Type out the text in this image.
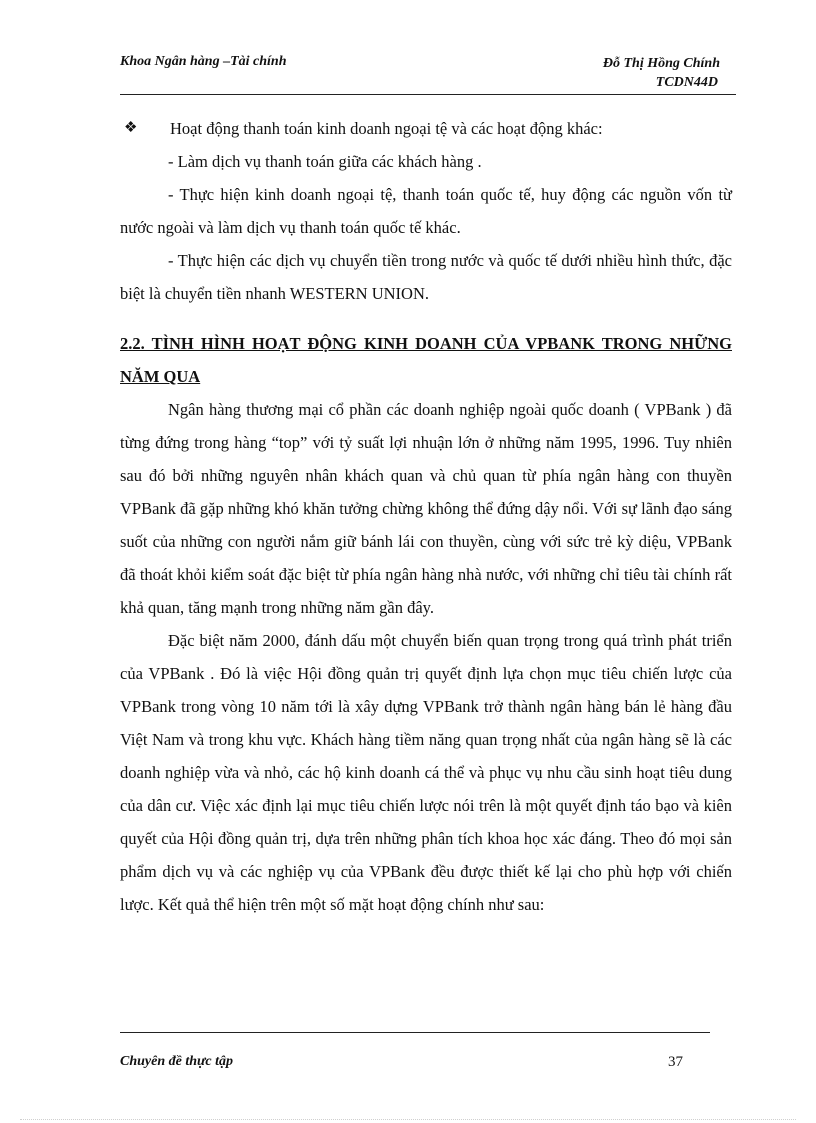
Khoa Ngân hàng –Tài chính	Đỗ Thị Hồng Chính
TCDN44D

❖ Hoạt động thanh toán kinh doanh ngoại tệ và các hoạt động khác:

- Làm dịch vụ thanh toán giữa các khách hàng .

- Thực hiện kinh doanh ngoại tệ, thanh toán quốc tế, huy động các nguồn vốn từ nước ngoài và làm dịch vụ thanh toán quốc tế khác.

- Thực hiện các dịch vụ chuyển tiền trong nước và quốc tế dưới nhiều hình thức, đặc biệt là chuyển tiền nhanh WESTERN UNION.

2.2. TÌNH HÌNH HOẠT ĐỘNG KINH DOANH CỦA VPBANK TRONG NHỮNG NĂM QUA

Ngân hàng thương mại cổ phần các doanh nghiệp ngoài quốc doanh ( VPBank ) đã từng đứng trong hàng “top” với tỷ suất lợi nhuận lớn ở những năm 1995, 1996. Tuy nhiên sau đó bởi những nguyên nhân khách quan và chủ quan từ phía ngân hàng con thuyền VPBank đã gặp những khó khăn tưởng chừng không thể đứng dậy nổi. Với sự lãnh đạo sáng suốt của những con người nắm giữ bánh lái con thuyền, cùng với sức trẻ kỳ diệu, VPBank đã thoát khỏi kiểm soát đặc biệt từ phía ngân hàng nhà nước, với những chỉ tiêu tài chính rất khả quan, tăng mạnh trong những năm gần đây.

Đặc biệt năm 2000, đánh dấu một chuyển biến quan trọng trong quá trình phát triển của VPBank . Đó là việc Hội đồng quản trị quyết định lựa chọn mục tiêu chiến lược của VPBank trong vòng 10 năm tới là xây dựng VPBank trở thành ngân hàng bán lẻ hàng đầu Việt Nam và trong khu vực. Khách hàng tiềm năng quan trọng nhất của ngân hàng sẽ là các doanh nghiệp vừa và nhỏ, các hộ kinh doanh cá thể và phục vụ nhu cầu sinh hoạt tiêu dung của dân cư. Việc xác định lại mục tiêu chiến lược nói trên là một quyết định táo bạo và kiên quyết của Hội đồng quản trị, dựa trên những phân tích khoa học xác đáng. Theo đó mọi sản phẩm dịch vụ và các nghiệp vụ của VPBank đều được thiết kế lại cho phù hợp với chiến lược. Kết quả thể hiện trên một số mặt hoạt động chính như sau:

Chuyên đề thực tập	37
